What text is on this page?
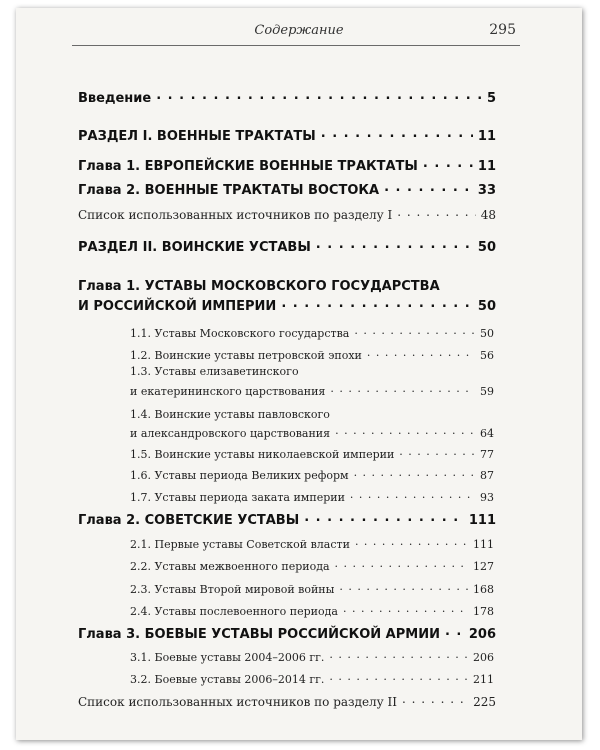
Содержание	295
Введение . . .	5
РАЗДЕЛ I. ВОЕННЫЕ ТРАКТАТЫ . . .	11
Глава 1. ЕВРОПЕЙСКИЕ ВОЕННЫЕ ТРАКТАТЫ . . .	11
Глава 2. ВОЕННЫЕ ТРАКТАТЫ ВОСТОКА . . .	33
Список использованных источников по разделу I . . .	48
РАЗДЕЛ II. ВОИНСКИЕ УСТАВЫ . . .	50
Глава 1. УСТАВЫ МОСКОВСКОГО ГОСУДАРСТВА
И РОССИЙСКОЙ ИМПЕРИИ . . .	50
1.1. Уставы Московского государства . . .	50
1.2. Воинские уставы петровской эпохи . . .	56
1.3. Уставы елизаветинского
и екатерининского царствования . . .	59
1.4. Воинские уставы павловского
и александровского царствования . . .	64
1.5. Воинские уставы николаевской империи . . .	77
1.6. Уставы периода Великих реформ . . .	87
1.7. Уставы периода заката империи . . .	93
Глава 2. СОВЕТСКИЕ УСТАВЫ . . .	111
2.1. Первые уставы Советской власти . . .	111
2.2. Уставы межвоенного периода . . .	127
2.3. Уставы Второй мировой войны . . .	168
2.4. Уставы послевоенного периода . . .	178
Глава 3. БОЕВЫЕ УСТАВЫ РОССИЙСКОЙ АРМИИ . . . 206
3.1. Боевые уставы 2004–2006 гг. . . .	206
3.2. Боевые уставы 2006–2014 гг. . . .	211
Список использованных источников по разделу II . . .	225
